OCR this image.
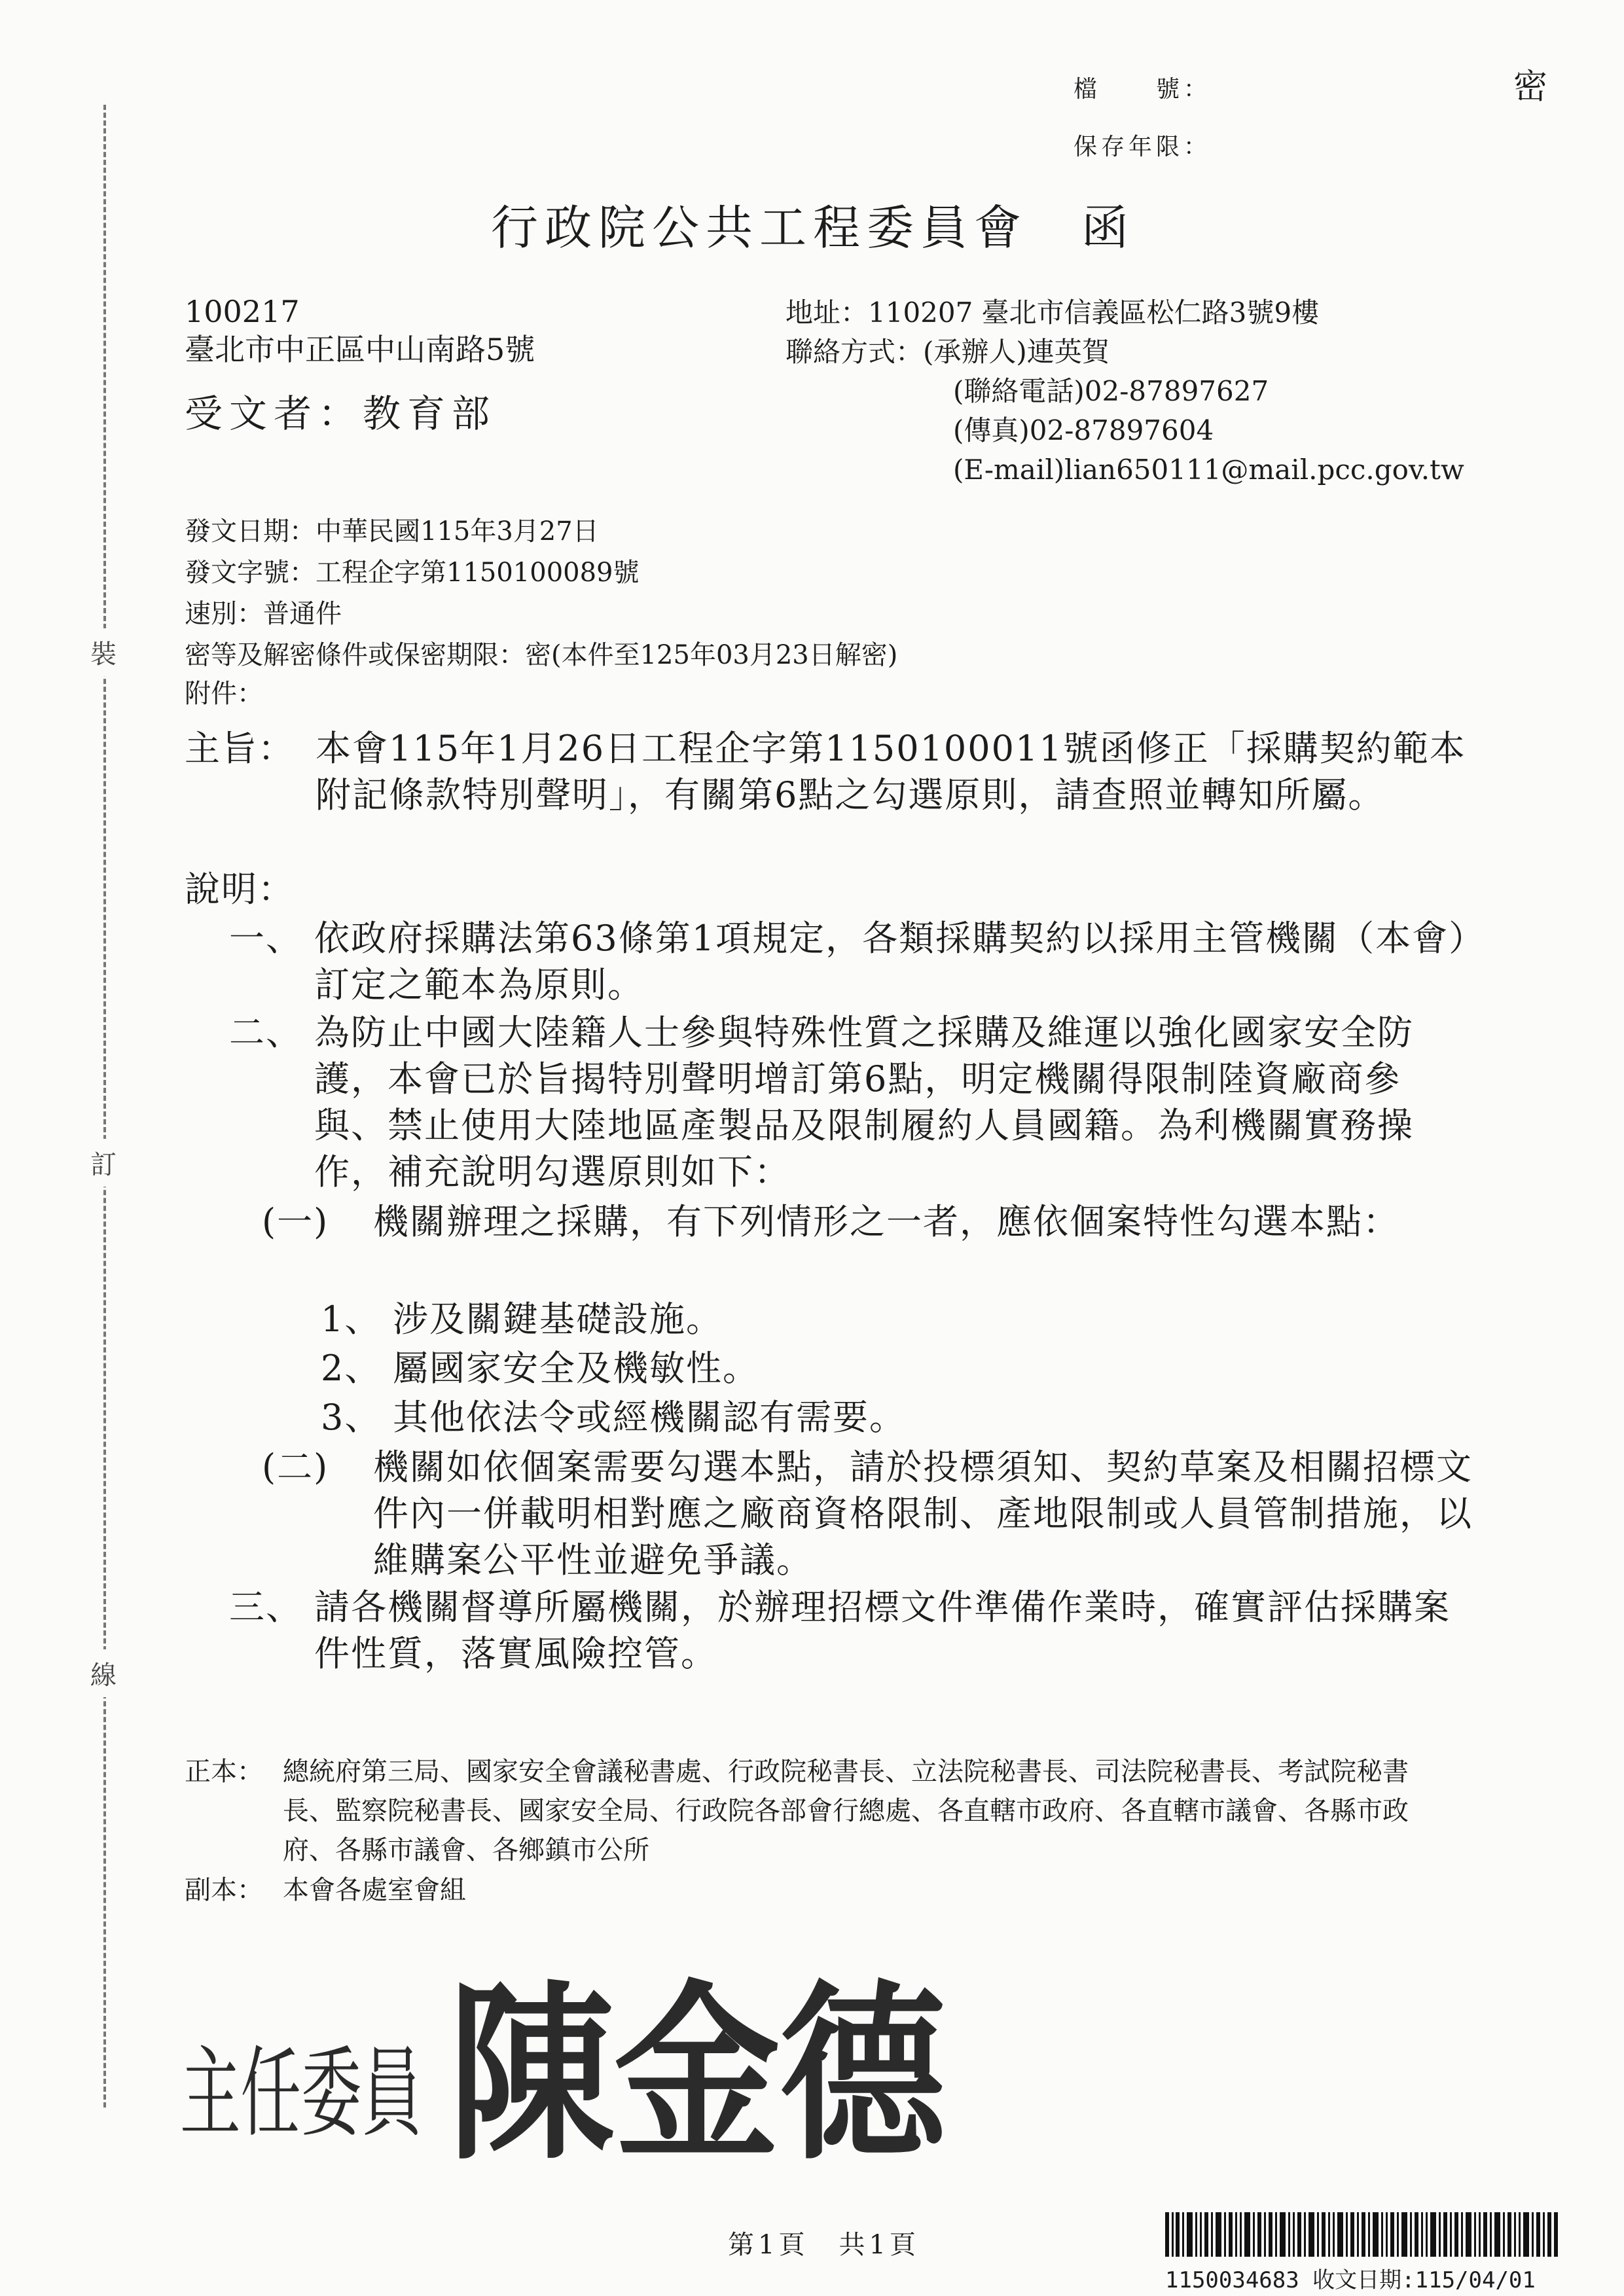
裝
訂
線
檔　　號：
保存年限：
密
行政院公共工程委員會　函
100217
臺北市中正區中山南路5號
受文者：教育部
地址：110207 臺北市信義區松仁路3號9樓
聯絡方式：(承辦人)連英賀
(聯絡電話)02-87897627
(傳真)02-87897604
(E-mail)lian650111@mail.pcc.gov.tw
發文日期：中華民國115年3月27日
發文字號：工程企字第1150100089號
速別：普通件
密等及解密條件或保密期限：密(本件至125年03月23日解密)
附件：
主旨： 本會115年1月26日工程企字第1150100011號函修正「採購契約範本附記條款特別聲明」，有關第6點之勾選原則，請查照並轉知所屬。
說明：
一、 依政府採購法第63條第1項規定，各類採購契約以採用主管機關（本會）訂定之範本為原則。
二、 為防止中國大陸籍人士參與特殊性質之採購及維運以強化國家安全防護，本會已於旨揭特別聲明增訂第6點，明定機關得限制陸資廠商參與、禁止使用大陸地區產製品及限制履約人員國籍。為利機關實務操作，補充說明勾選原則如下：
(一) 機關辦理之採購，有下列情形之一者，應依個案特性勾選本點：
1、 涉及關鍵基礎設施。
2、 屬國家安全及機敏性。
3、 其他依法令或經機關認有需要。
(二) 機關如依個案需要勾選本點，請於投標須知、契約草案及相關招標文件內一併載明相對應之廠商資格限制、產地限制或人員管制措施，以維購案公平性並避免爭議。
三、 請各機關督導所屬機關，於辦理招標文件準備作業時，確實評估採購案件性質，落實風險控管。
正本： 總統府第三局、國家安全會議秘書處、行政院秘書長、立法院秘書長、司法院秘書長、考試院秘書長、監察院秘書長、國家安全局、行政院各部會行總處、各直轄市政府、各直轄市議會、各縣市政府、各縣市議會、各鄉鎮市公所
副本： 本會各處室會組
主任委員 陳金德
第1頁　共1頁
1150034683 收文日期:115/04/01
